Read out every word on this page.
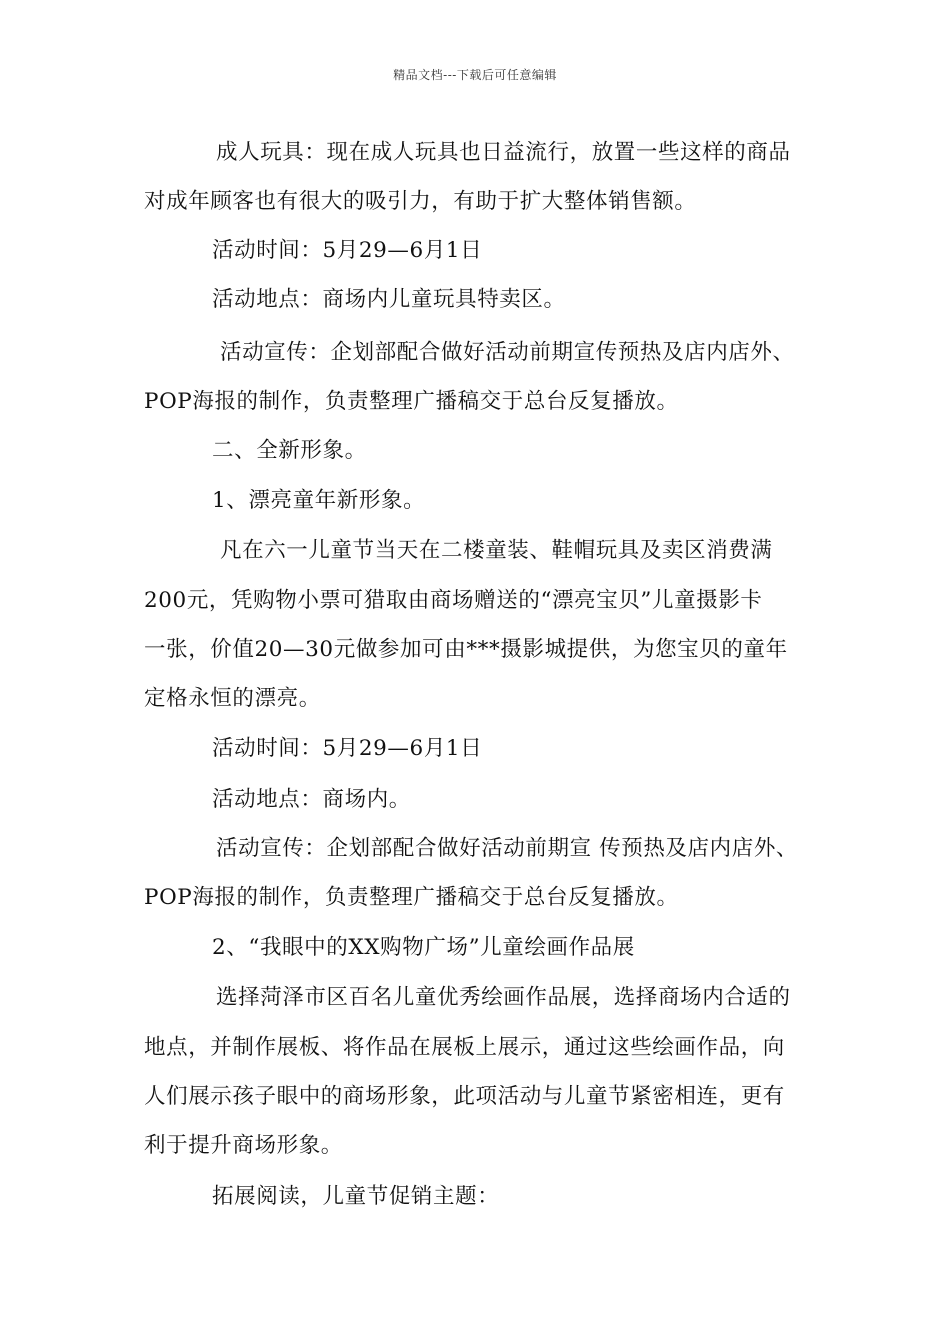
精品文档---下载后可任意编辑
成人玩具：现在成人玩具也日益流行，放置一些这样的商品
对成年顾客也有很大的吸引力，有助于扩大整体销售额。
活动时间：5月29—6月1日
活动地点：商场内儿童玩具特卖区。
活动宣传：企划部配合做好活动前期宣传预热及店内店外、
POP海报的制作，负责整理广播稿交于总台反复播放。
二、全新形象。
1、漂亮童年新形象。
凡在六一儿童节当天在二楼童装、鞋帽玩具及卖区消费满
200元，凭购物小票可猎取由商场赠送的“漂亮宝贝”儿童摄影卡
一张，价值20—30元做参加可由***摄影城提供，为您宝贝的童年
定格永恒的漂亮。
活动时间：5月29—6月1日
活动地点：商场内。
活动宣传：企划部配合做好活动前期宣 传预热及店内店外、
POP海报的制作，负责整理广播稿交于总台反复播放。
2、“我眼中的XX购物广场”儿童绘画作品展
选择菏泽市区百名儿童优秀绘画作品展，选择商场内合适的
地点，并制作展板、将作品在展板上展示，通过这些绘画作品，向
人们展示孩子眼中的商场形象，此项活动与儿童节紧密相连，更有
利于提升商场形象。
拓展阅读，儿童节促销主题：
